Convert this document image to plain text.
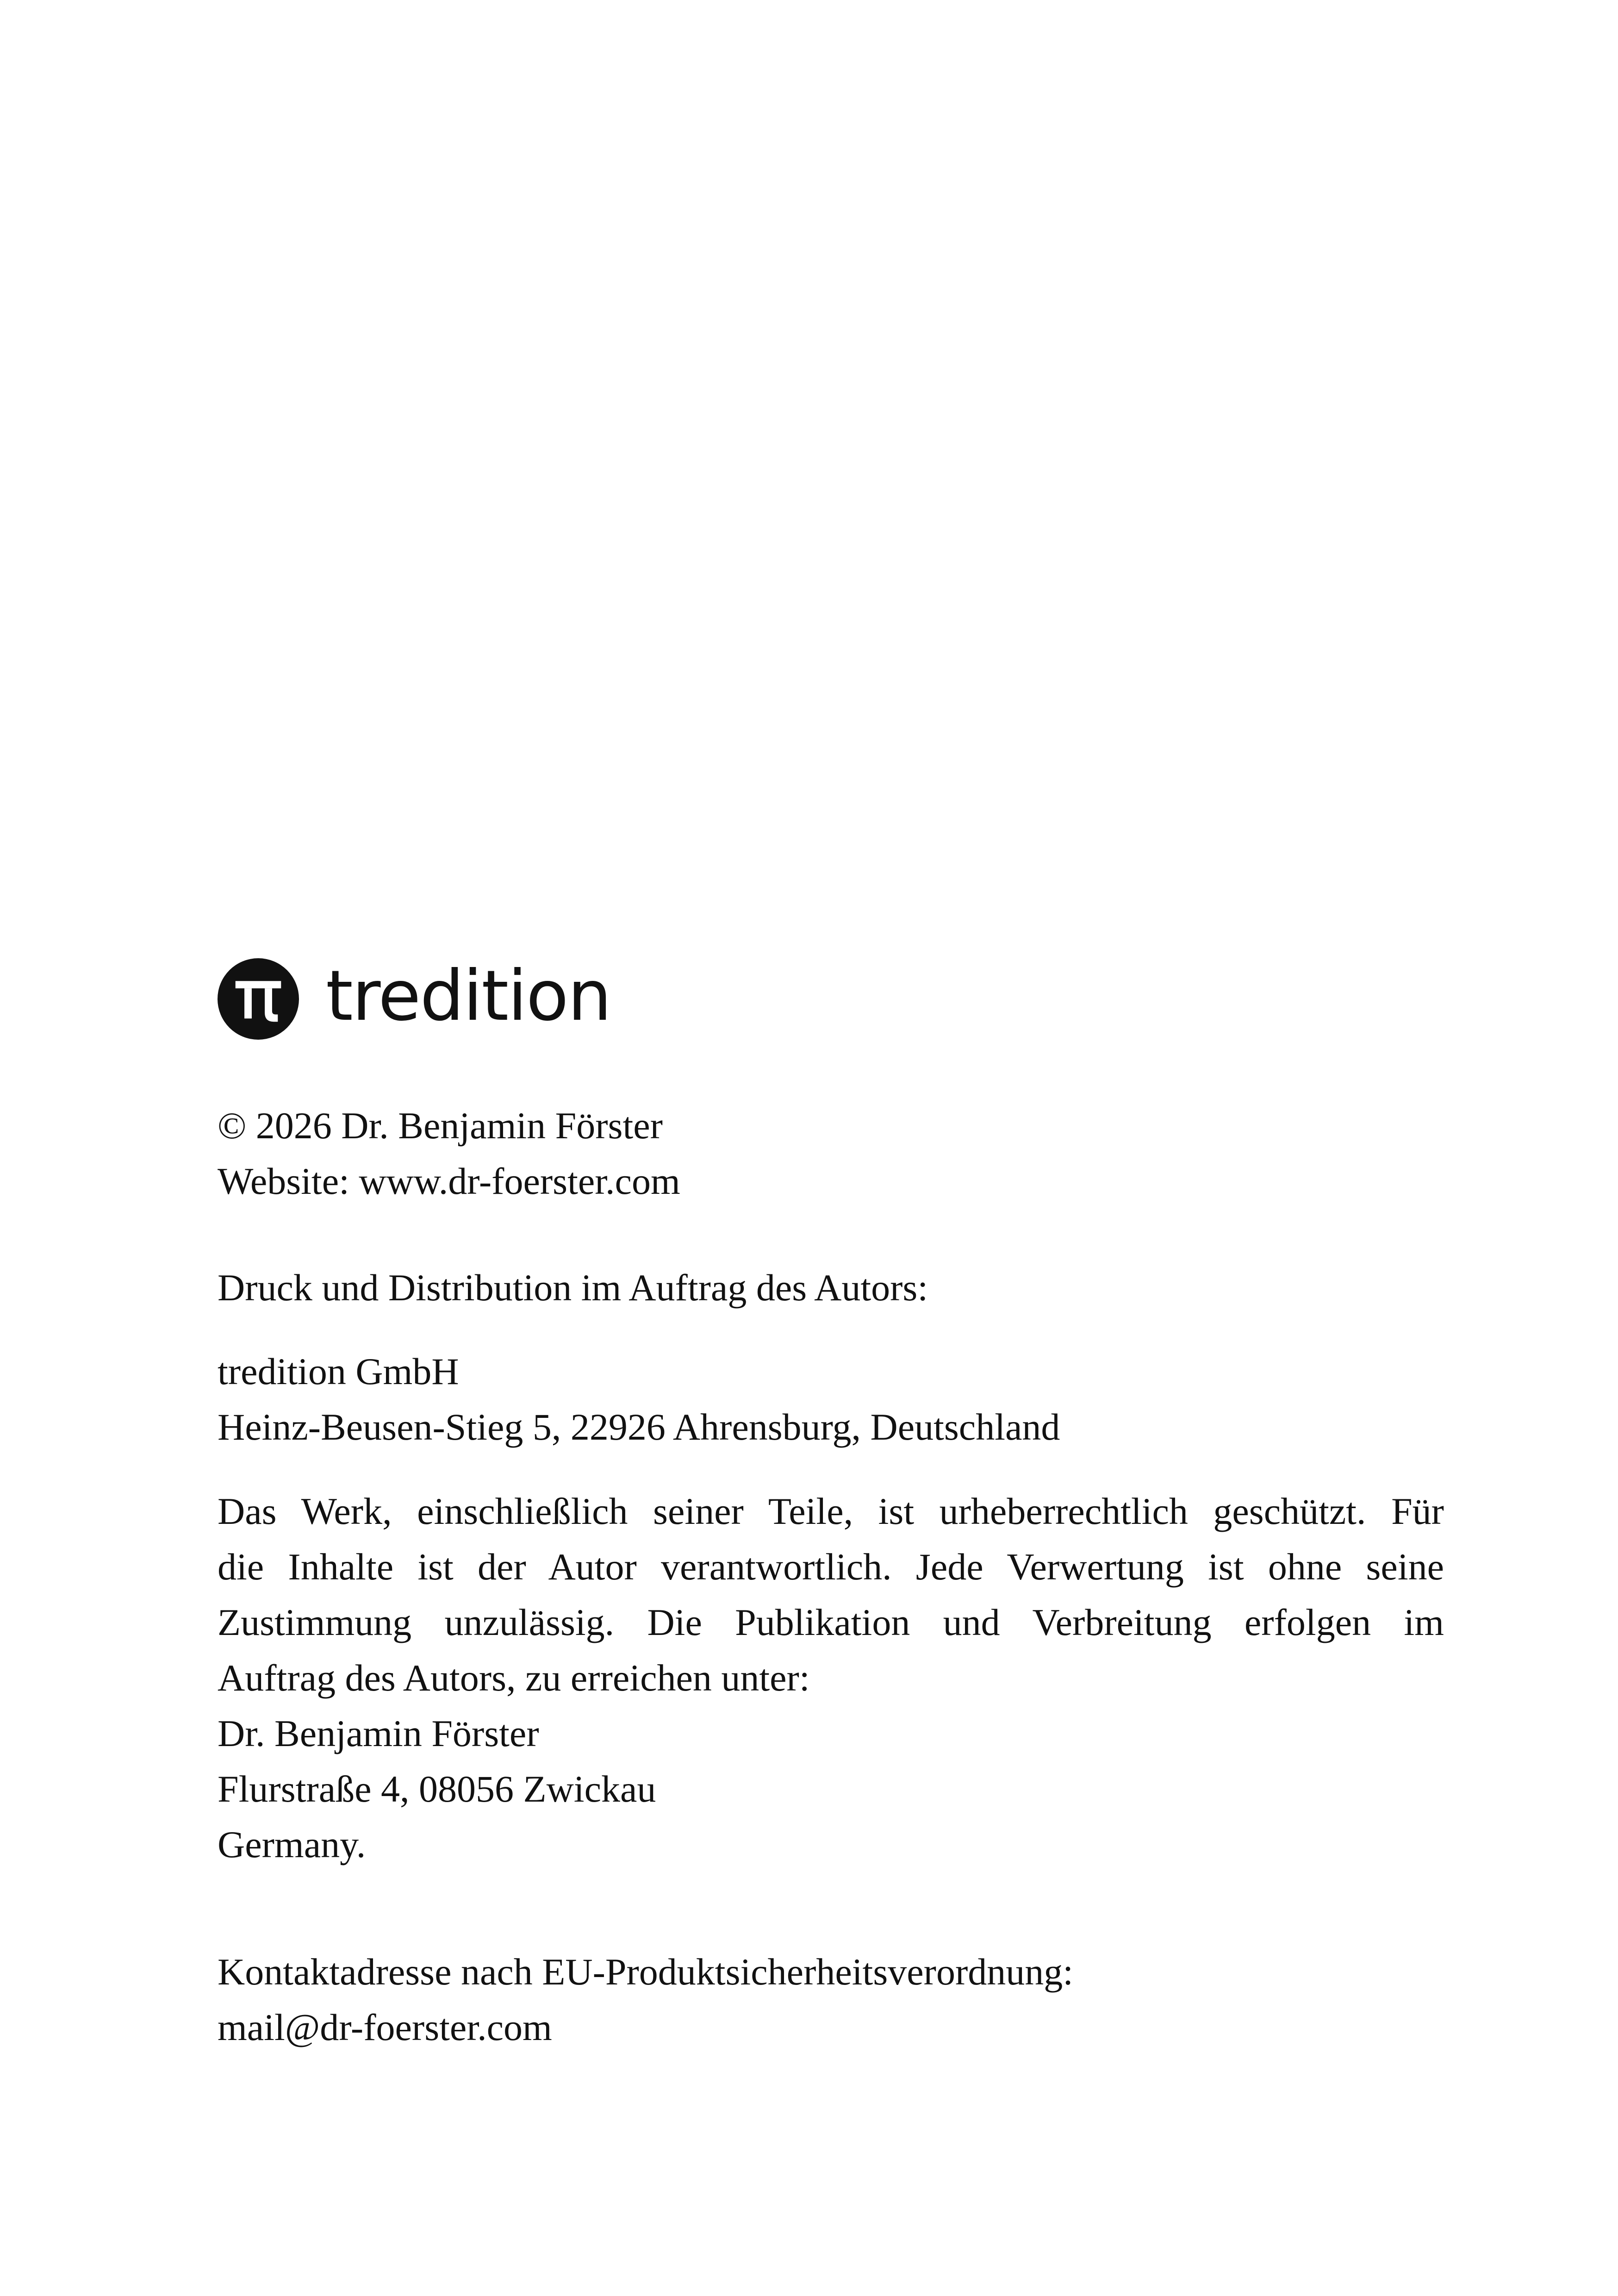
tredition
© 2026 Dr. Benjamin Förster
Website: www.dr-foerster.com
Druck und Distribution im Auftrag des Autors:
tredition GmbH
Heinz-Beusen-Stieg 5, 22926 Ahrensburg, Deutschland
Das Werk, einschließlich seiner Teile, ist urheberrechtlich geschützt. Für
die Inhalte ist der Autor verantwortlich. Jede Verwertung ist ohne seine
Zustimmung unzulässig. Die Publikation und Verbreitung erfolgen im
Auftrag des Autors, zu erreichen unter:
Dr. Benjamin Förster
Flurstraße 4, 08056 Zwickau
Germany.
Kontaktadresse nach EU-Produktsicherheitsverordnung:
mail@dr-foerster.com
